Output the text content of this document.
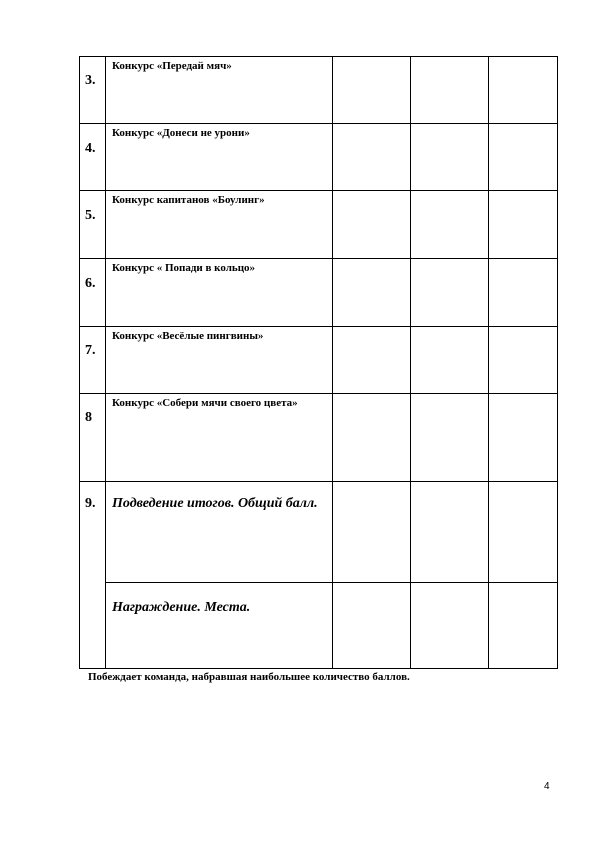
3.
Конкурс «Передай мяч»
4.
Конкурс «Донеси не урони»
5.
Конкурс капитанов «Боулинг»
6.
Конкурс « Попади в кольцо»
7.
Конкурс «Весёлые пингвины»
8
Конкурс «Собери мячи своего цвета»
9. Подведение итогов. Общий балл.
Награждение. Места.
Побеждает команда, набравшая наибольшее количество баллов.
4
